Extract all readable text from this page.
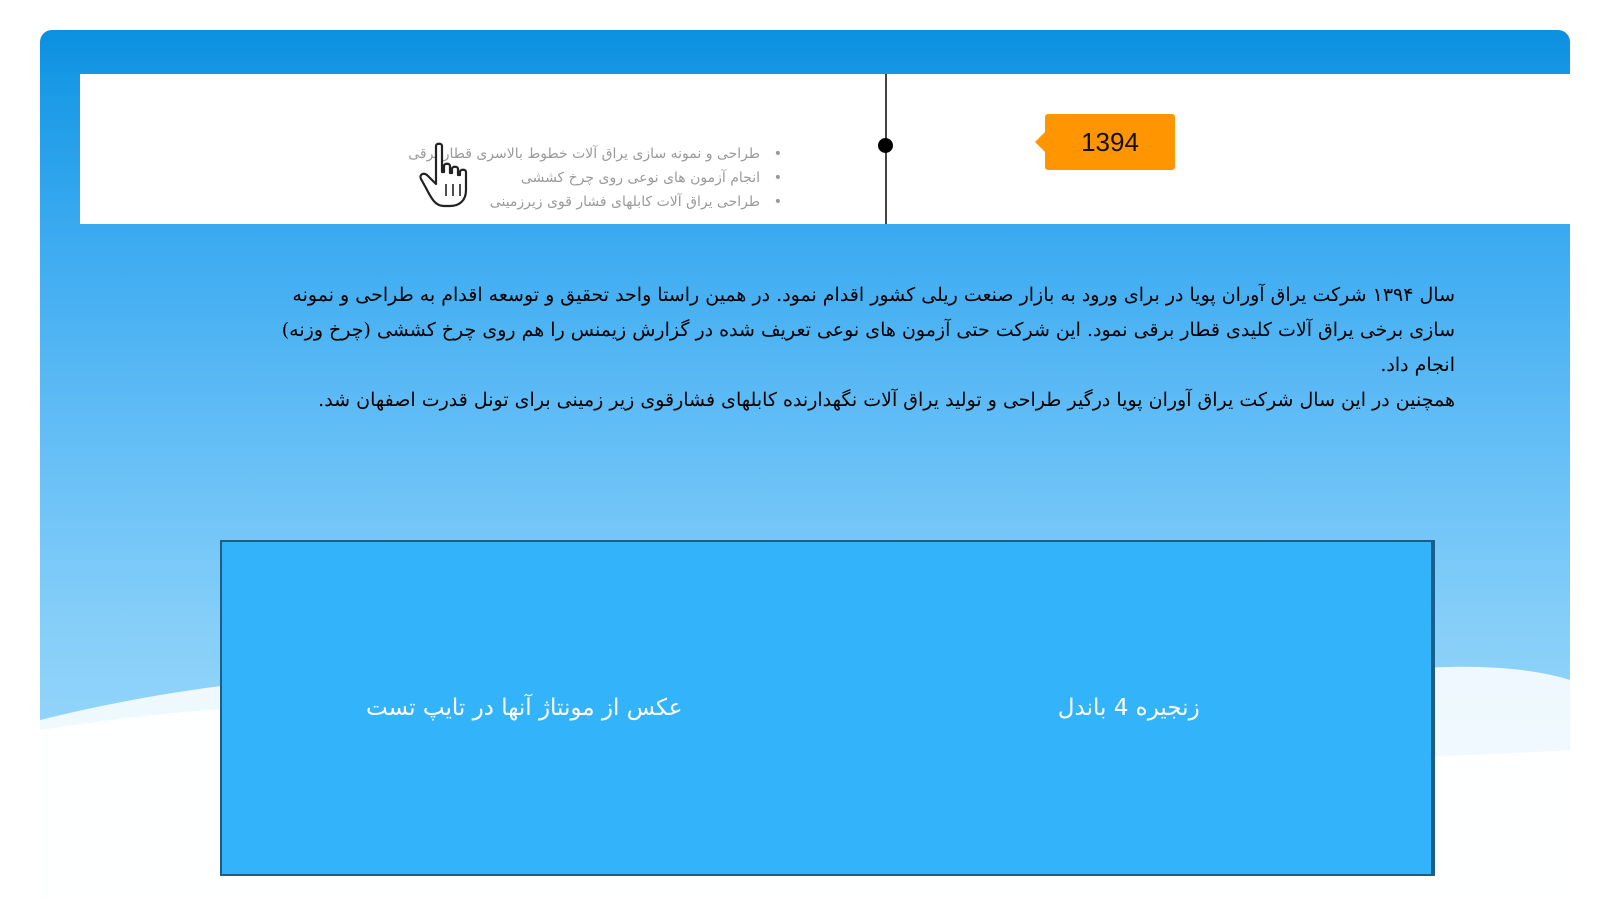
1394
طراحی و نمونه سازی یراق آلات خطوط بالاسری قطار برقی •
انجام آزمون های نوعی روی چرخ کششی •
طراحی یراق آلات کابلهای فشار قوی زیرزمینی •

سال ۱۳۹۴ شرکت یراق آوران پویا در برای ورود به بازار صنعت ریلی کشور اقدام نمود. در همین راستا واحد تحقیق و توسعه اقدام به طراحی و نمونه سازی برخی یراق آلات کلیدی قطار برقی نمود. این شرکت حتی آزمون های نوعی تعریف شده در گزارش زیمنس را هم روی چرخ کششی (چرخ وزنه) انجام داد.

همچنین در این سال شرکت یراق آوران پویا درگیر طراحی و تولید یراق آلات نگهدارنده کابلهای فشارقوی زیر زمینی برای تونل قدرت اصفهان شد.

عکس از مونتاژ آنها در تایپ تست	زنجیره 4 باندل
